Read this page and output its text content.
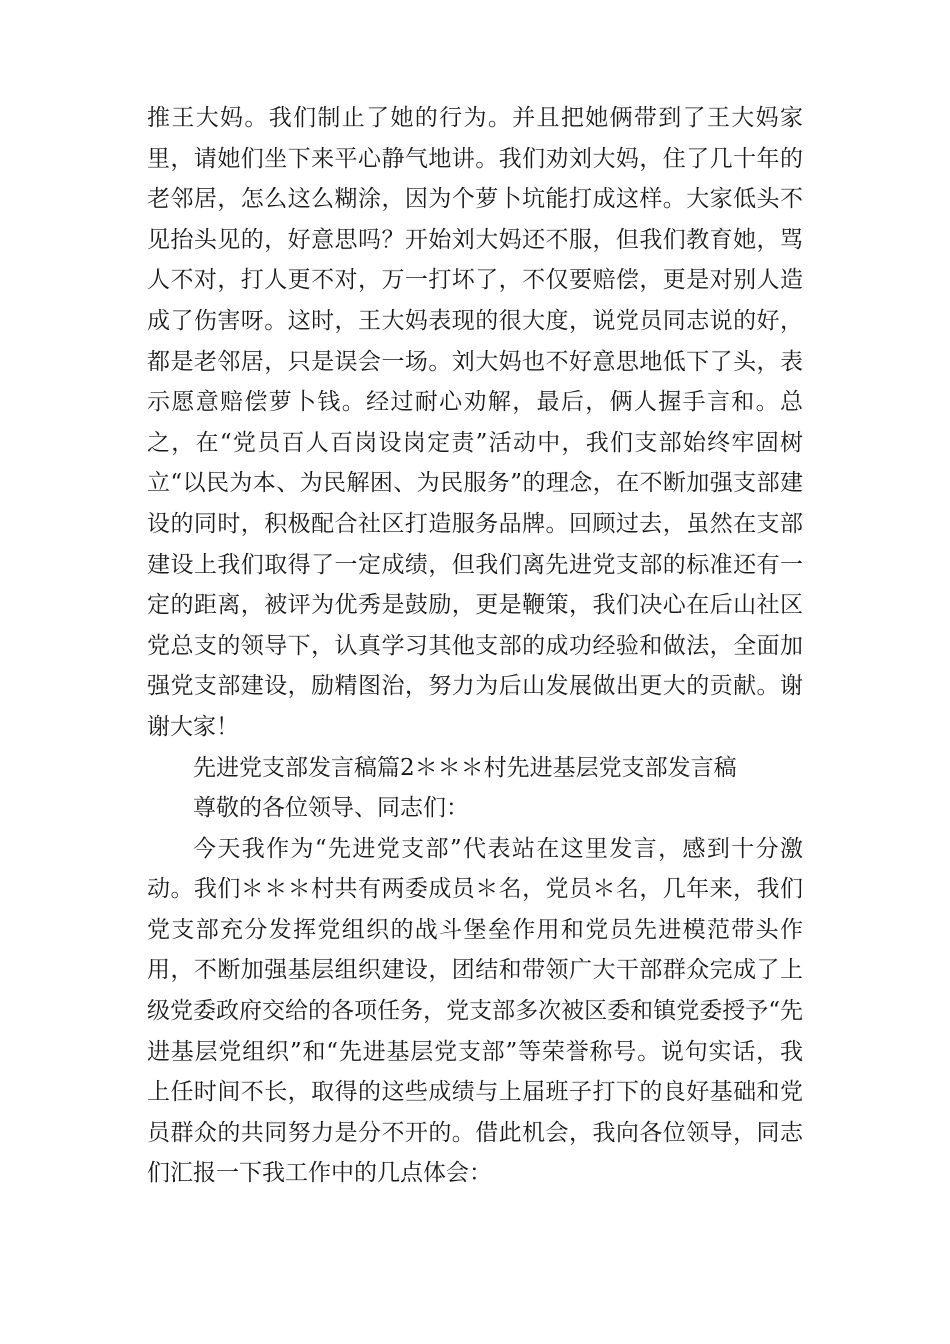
推王大妈。我们制止了她的行为。并且把她俩带到了王大妈家里，请她们坐下来平心静气地讲。我们劝刘大妈，住了几十年的老邻居，怎么这么糊涂，因为个萝卜坑能打成这样。大家低头不见抬头见的，好意思吗？开始刘大妈还不服，但我们教育她，骂人不对，打人更不对，万一打坏了，不仅要赔偿，更是对别人造成了伤害呀。这时，王大妈表现的很大度，说党员同志说的好，都是老邻居，只是误会一场。刘大妈也不好意思地低下了头，表示愿意赔偿萝卜钱。经过耐心劝解，最后，俩人握手言和。总之，在“党员百人百岗设岗定责”活动中，我们支部始终牢固树立“以民为本、为民解困、为民服务”的理念，在不断加强支部建设的同时，积极配合社区打造服务品牌。回顾过去，虽然在支部建设上我们取得了一定成绩，但我们离先进党支部的标准还有一定的距离，被评为优秀是鼓励，更是鞭策，我们决心在后山社区党总支的领导下，认真学习其他支部的成功经验和做法，全面加强党支部建设，励精图治，努力为后山发展做出更大的贡献。谢谢大家！

先进党支部发言稿篇2＊＊＊村先进基层党支部发言稿

尊敬的各位领导、同志们：

今天我作为“先进党支部”代表站在这里发言，感到十分激动。我们＊＊＊村共有两委成员＊名，党员＊名，几年来，我们党支部充分发挥党组织的战斗堡垒作用和党员先进模范带头作用，不断加强基层组织建设，团结和带领广大干部群众完成了上级党委政府交给的各项任务，党支部多次被区委和镇党委授予“先进基层党组织”和“先进基层党支部”等荣誉称号。说句实话，我上任时间不长，取得的这些成绩与上届班子打下的良好基础和党员群众的共同努力是分不开的。借此机会，我向各位领导，同志们汇报一下我工作中的几点体会：
